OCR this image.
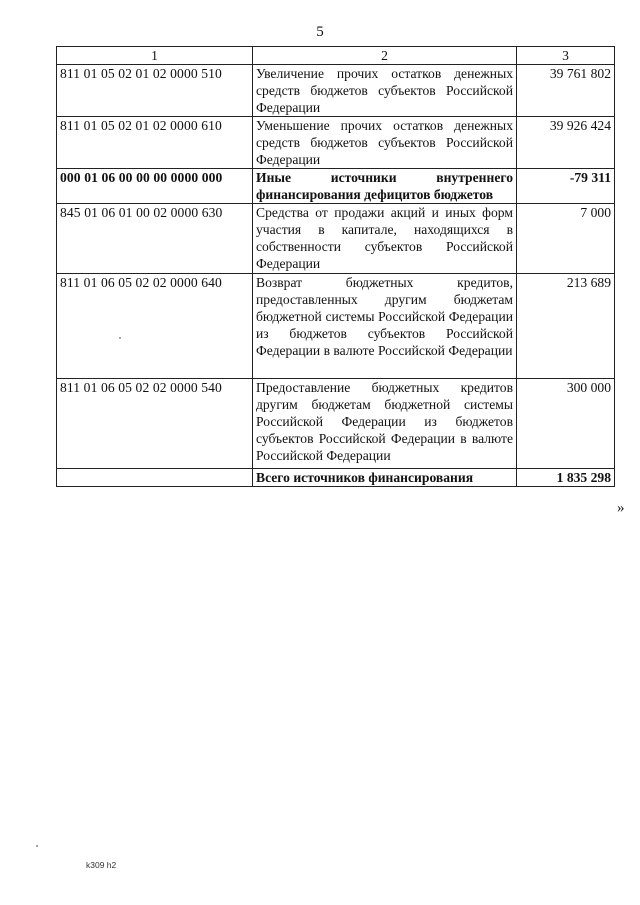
5
1	2	3
811 01 05 02 01 02 0000 510	Увеличение прочих остатков денежных средств бюджетов субъектов Российской Федерации	39 761 802
811 01 05 02 01 02 0000 610	Уменьшение прочих остатков денежных средств бюджетов субъектов Российской Федерации	39 926 424
000 01 06 00 00 00 0000 000	Иные источники внутреннего финансирования дефицитов бюджетов	-79 311
845 01 06 01 00 02 0000 630	Средства от продажи акций и иных форм участия в капитале, находящихся в собственности субъектов Российской Федерации	7 000
811 01 06 05 02 02 0000 640	Возврат бюджетных кредитов, предоставленных другим бюджетам бюджетной системы Российской Федерации из бюджетов субъектов Российской Федерации в валюте Российской Федерации	213 689
811 01 06 05 02 02 0000 540	Предоставление бюджетных кредитов другим бюджетам бюджетной системы Российской Федерации из бюджетов субъектов Российской Федерации в валюте Российской Федерации	300 000
	Всего источников финансирования	1 835 298
»
k309 h2
